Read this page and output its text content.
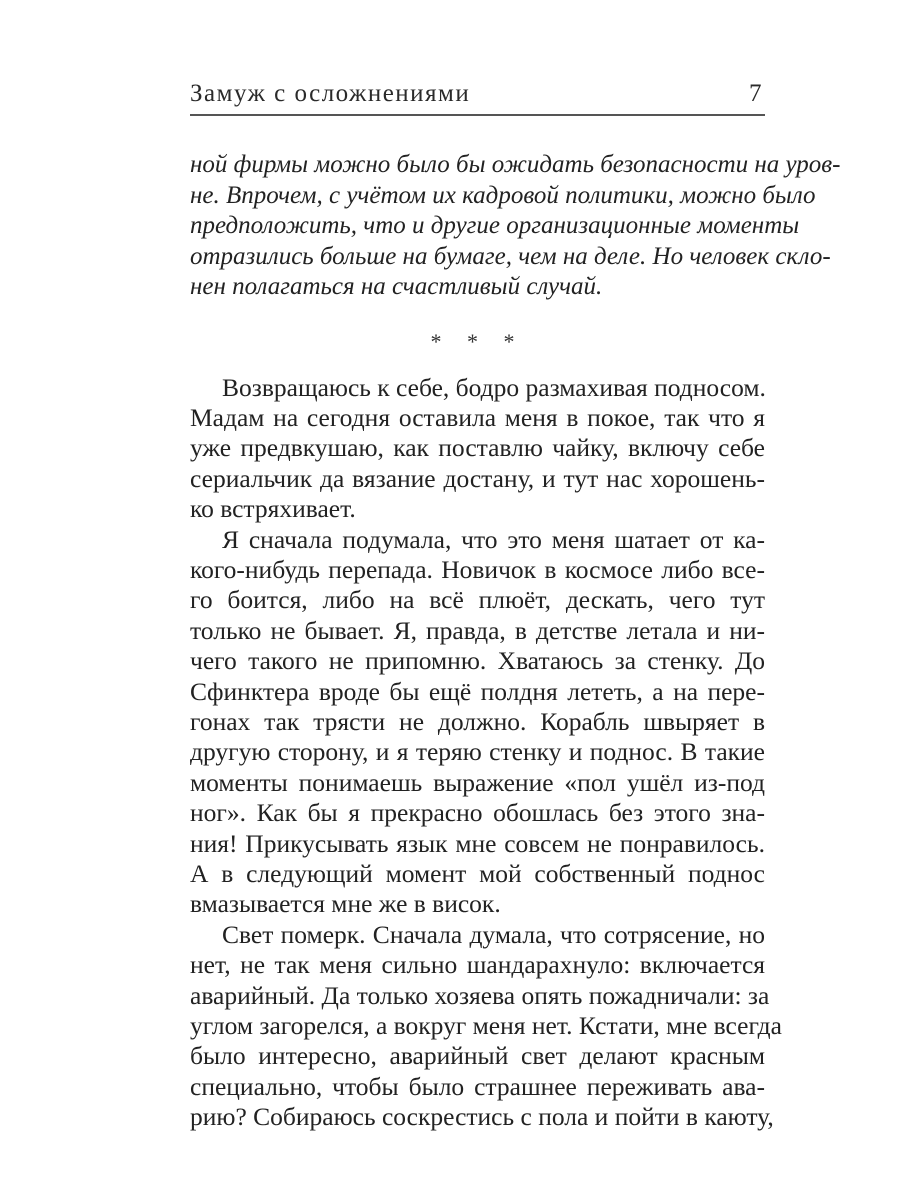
Замуж с осложнениями	7
ной фирмы можно было бы ожидать безопасности на уров-
не. Впрочем, с учётом их кадровой политики, можно было
предположить, что и другие организационные моменты
отразились больше на бумаге, чем на деле. Но человек скло-
нен полагаться на счастливый случай.
* * *
Возвращаюсь к себе, бодро размахивая подносом.
Мадам на сегодня оставила меня в покое, так что я
уже предвкушаю, как поставлю чайку, включу себе
сериальчик да вязание достану, и тут нас хорошень-
ко встряхивает.
Я сначала подумала, что это меня шатает от ка-
кого-нибудь перепада. Новичок в космосе либо все-
го боится, либо на всё плюёт, дескать, чего тут
только не бывает. Я, правда, в детстве летала и ни-
чего такого не припомню. Хватаюсь за стенку. До
Сфинктера вроде бы ещё полдня лететь, а на пере-
гонах так трясти не должно. Корабль швыряет в
другую сторону, и я теряю стенку и поднос. В такие
моменты понимаешь выражение «пол ушёл из-под
ног». Как бы я прекрасно обошлась без этого зна-
ния! Прикусывать язык мне совсем не понравилось.
А в следующий момент мой собственный поднос
вмазывается мне же в висок.
Свет померк. Сначала думала, что сотрясение, но
нет, не так меня сильно шандарахнуло: включается
аварийный. Да только хозяева опять пожадничали: за
углом загорелся, а вокруг меня нет. Кстати, мне всегда
было интересно, аварийный свет делают красным
специально, чтобы было страшнее переживать ава-
рию? Собираюсь соскрестись с пола и пойти в каюту,
